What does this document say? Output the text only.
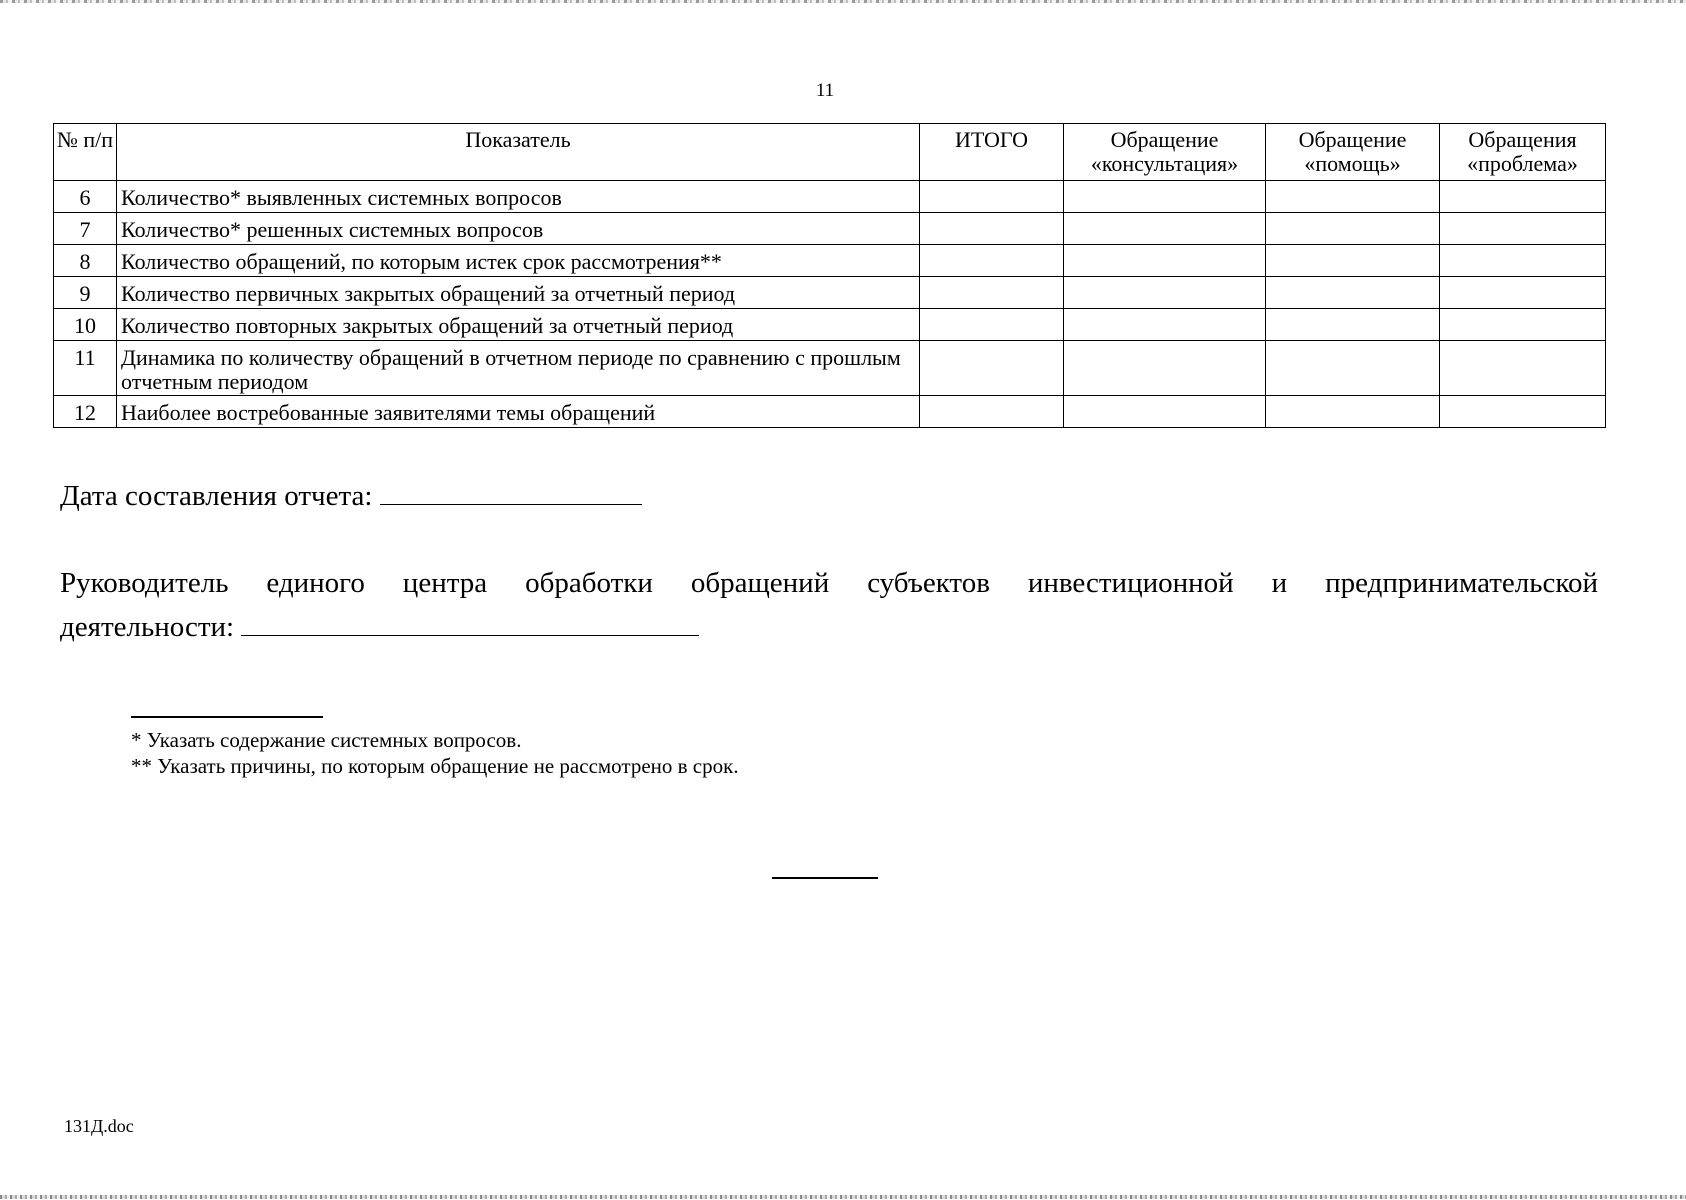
11
№ п/п	Показатель	ИТОГО	Обращение «консультация»	Обращение «помощь»	Обращения «проблема»
6	Количество* выявленных системных вопросов				
7	Количество* решенных системных вопросов				
8	Количество обращений, по которым истек срок рассмотрения**				
9	Количество первичных закрытых обращений за отчетный период				
10	Количество повторных закрытых обращений за отчетный период				
11	Динамика по количеству обращений в отчетном периоде по сравнению с прошлым отчетным периодом				
12	Наиболее востребованные заявителями темы обращений				
Дата составления отчета:
Руководитель единого центра обработки обращений субъектов инвестиционной и предпринимательской
деятельности:
* Указать содержание системных вопросов.
** Указать причины, по которым обращение не рассмотрено в срок.
131Д.doc
